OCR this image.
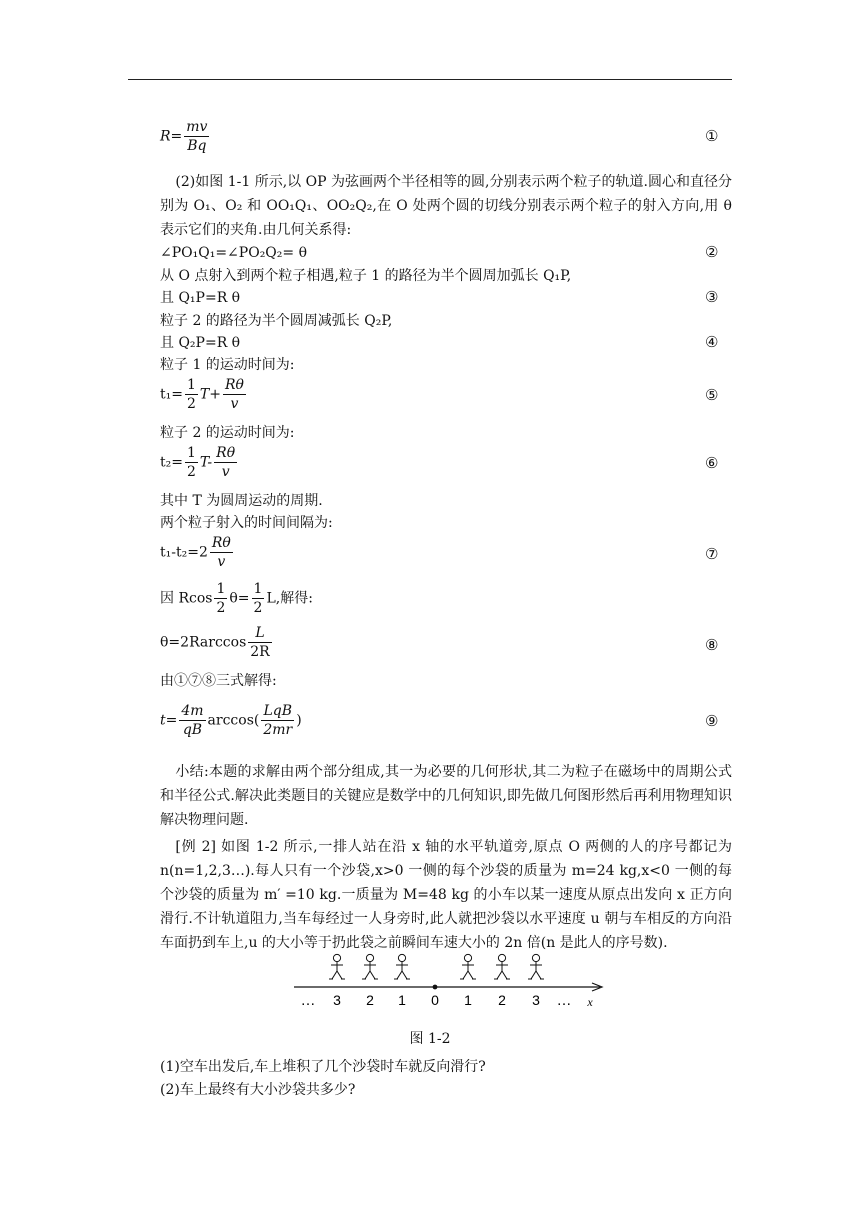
$R= \frac{mv}{Bq}$	①
(2)如图 1-1 所示,以 OP 为弦画两个半径相等的圆,分别表示两个粒子的轨道.圆心和直径分别为 O₁、O₂ 和 OO₁Q₁、OO₂Q₂,在 O 处两个圆的切线分别表示两个粒子的射入方向,用 θ 表示它们的夹角.由几何关系得:
∠PO₁Q₁=∠PO₂Q₂= θ	②
从 O 点射入到两个粒子相遇,粒子 1 的路径为半个圆周加弧长 Q₁P,
且 Q₁P=R θ	③
粒子 2 的路径为半个圆周减弧长 Q₂P,
且 Q₂P=R θ	④
粒子 1 的运动时间为:
$t_1= \frac{1}{2} T+ \frac{R\theta}{v}$	⑤
粒子 2 的运动时间为:
$t_2= \frac{1}{2} T- \frac{R\theta}{v}$	⑥
其中 T 为圆周运动的周期.
两个粒子射入的时间间隔为:
$t_1-t_2=2 \frac{R\theta}{v}$	⑦
因 Rcos $\frac{1}{2} \theta= \frac{1}{2} L$,解得:
$\theta=2Rarccos \frac{L}{2R}$	⑧
由①⑦⑧三式解得:
$t= \frac{4m}{qB} \arccos( \frac{\text{LqB}}{2mr}$ )	⑨
小结:本题的求解由两个部分组成,其一为必要的几何形状,其二为粒子在磁场中的周期公式和半径公式.解决此类题目的关键应是数学中的几何知识,即先做几何图形然后再利用物理知识解决物理问题.
[例 2] 如图 1-2 所示,一排人站在沿 x 轴的水平轨道旁,原点 O 两侧的人的序号都记为 n(n=1,2,3…).每人只有一个沙袋,x>0 一侧的每个沙袋的质量为 m=24 kg,x<0 一侧的每个沙袋的质量为 m′ =10 kg.一质量为 M=48 kg 的小车以某一速度从原点出发向 x 正方向滑行.不计轨道阻力,当车每经过一人身旁时,此人就把沙袋以水平速度 u 朝与车相反的方向沿车面扔到车上,u 的大小等于扔此袋之前瞬间车速大小的 2n 倍(n 是此人的序号数).
… 3 2 1 0 1 2 3 … x
图 1-2
(1)空车出发后,车上堆积了几个沙袋时车就反向滑行?
(2)车上最终有大小沙袋共多少?
